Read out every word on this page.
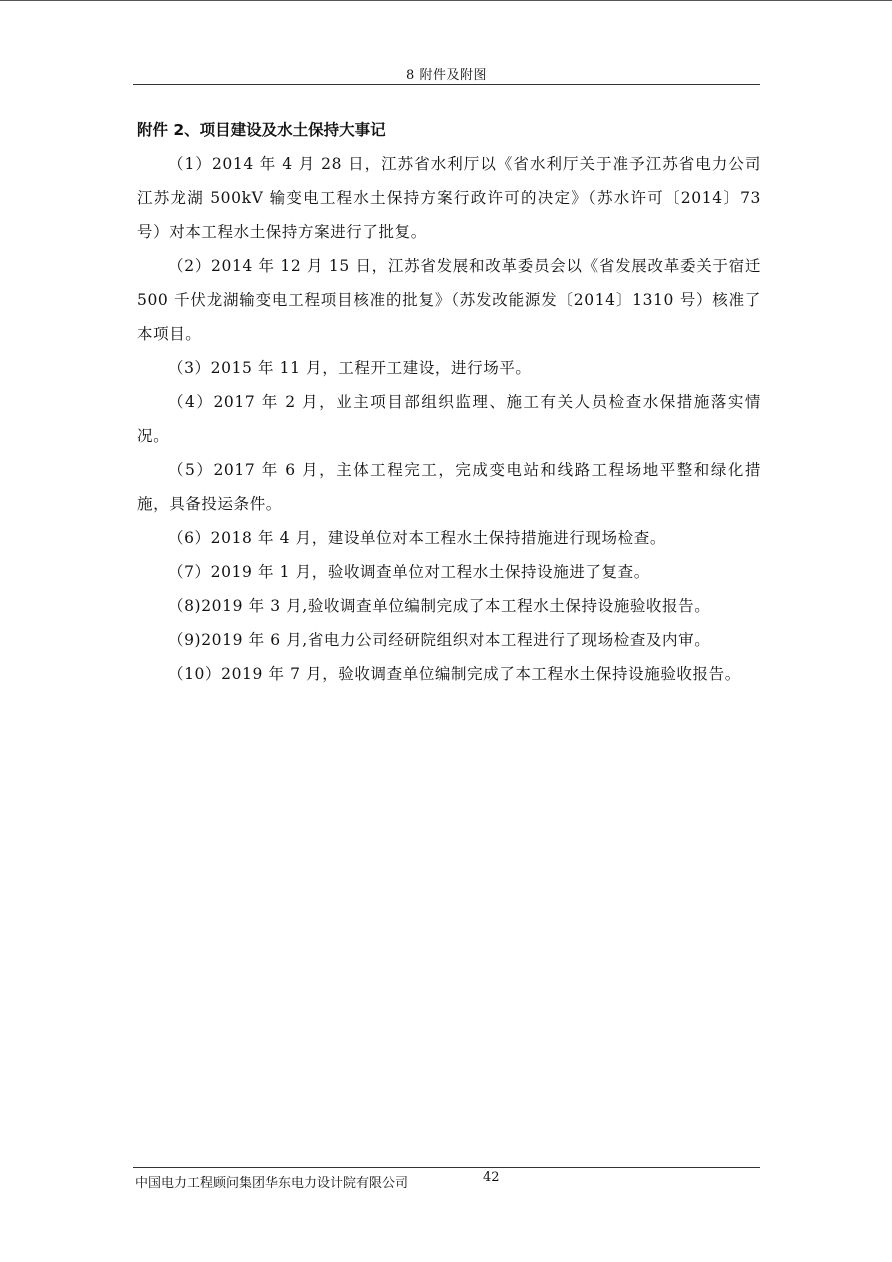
8 附件及附图
附件 2、项目建设及水土保持大事记

（1）2014 年 4 月 28 日，江苏省水利厅以《省水利厅关于准予江苏省电力公司江苏龙湖 500kV 输变电工程水土保持方案行政许可的决定》（苏水许可〔2014〕73 号）对本工程水土保持方案进行了批复。

（2）2014 年 12 月 15 日，江苏省发展和改革委员会以《省发展改革委关于宿迁 500 千伏龙湖输变电工程项目核准的批复》（苏发改能源发〔2014〕1310 号）核准了本项目。

（3）2015 年 11 月，工程开工建设，进行场平。

（4）2017 年 2 月，业主项目部组织监理、施工有关人员检查水保措施落实情况。

（5）2017 年 6 月，主体工程完工，完成变电站和线路工程场地平整和绿化措施，具备投运条件。

（6）2018 年 4 月，建设单位对本工程水土保持措施进行现场检查。

（7）2019 年 1 月，验收调查单位对工程水土保持设施进了复查。

（8)2019 年 3 月,验收调查单位编制完成了本工程水土保持设施验收报告。

（9)2019 年 6 月,省电力公司经研院组织对本工程进行了现场检查及内审。

（10）2019 年 7 月，验收调查单位编制完成了本工程水土保持设施验收报告。

中国电力工程顾问集团华东电力设计院有限公司	42
